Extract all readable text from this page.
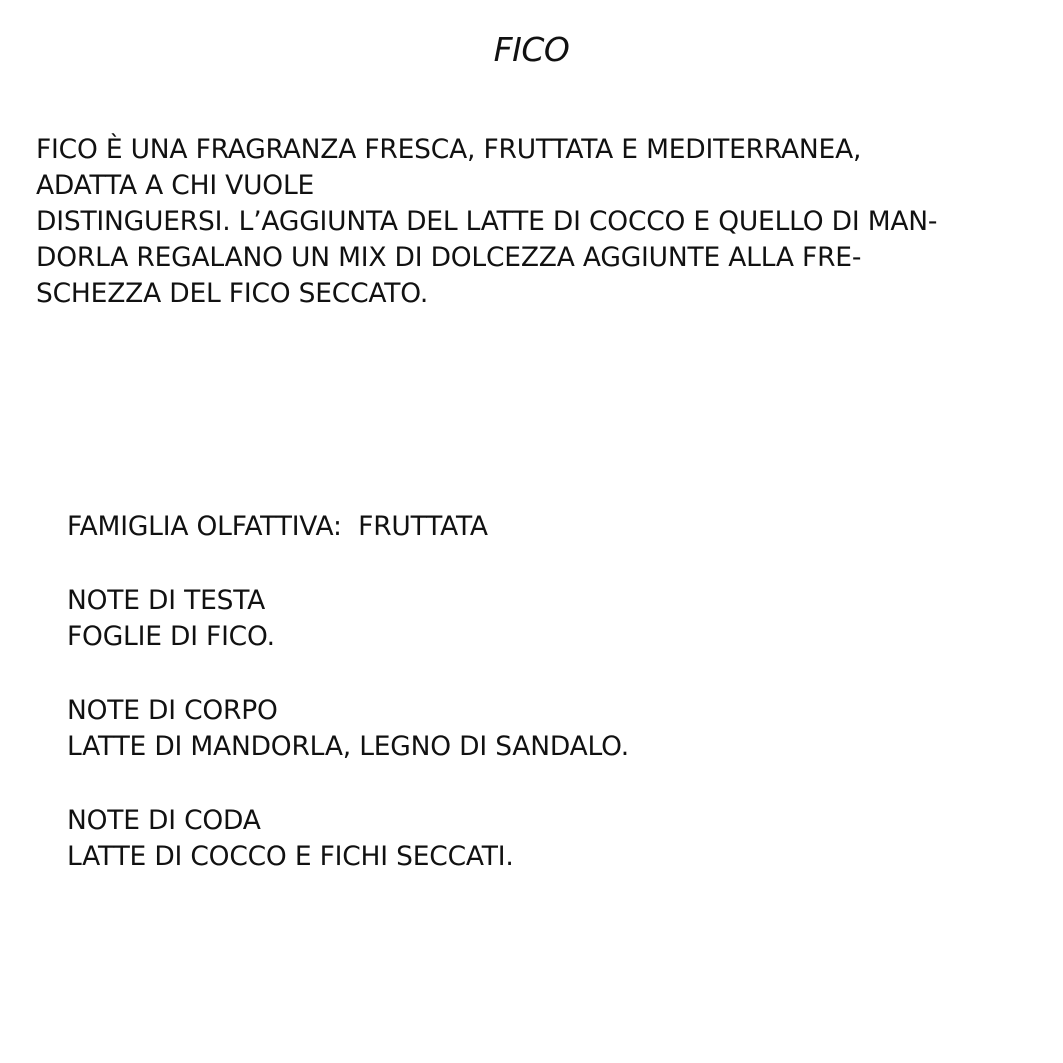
FICO
FICO È UNA FRAGRANZA FRESCA, FRUTTATA E MEDITERRANEA,
ADATTA A CHI VUOLE
DISTINGUERSI. L’AGGIUNTA DEL LATTE DI COCCO E QUELLO DI MAN-
DORLA REGALANO UN MIX DI DOLCEZZA AGGIUNTE ALLA FRE-
SCHEZZA DEL FICO SECCATO.
FAMIGLIA OLFATTIVA:  FRUTTATA
NOTE DI TESTA
FOGLIE DI FICO.
NOTE DI CORPO
LATTE DI MANDORLA, LEGNO DI SANDALO.
NOTE DI CODA
LATTE DI COCCO E FICHI SECCATI.
